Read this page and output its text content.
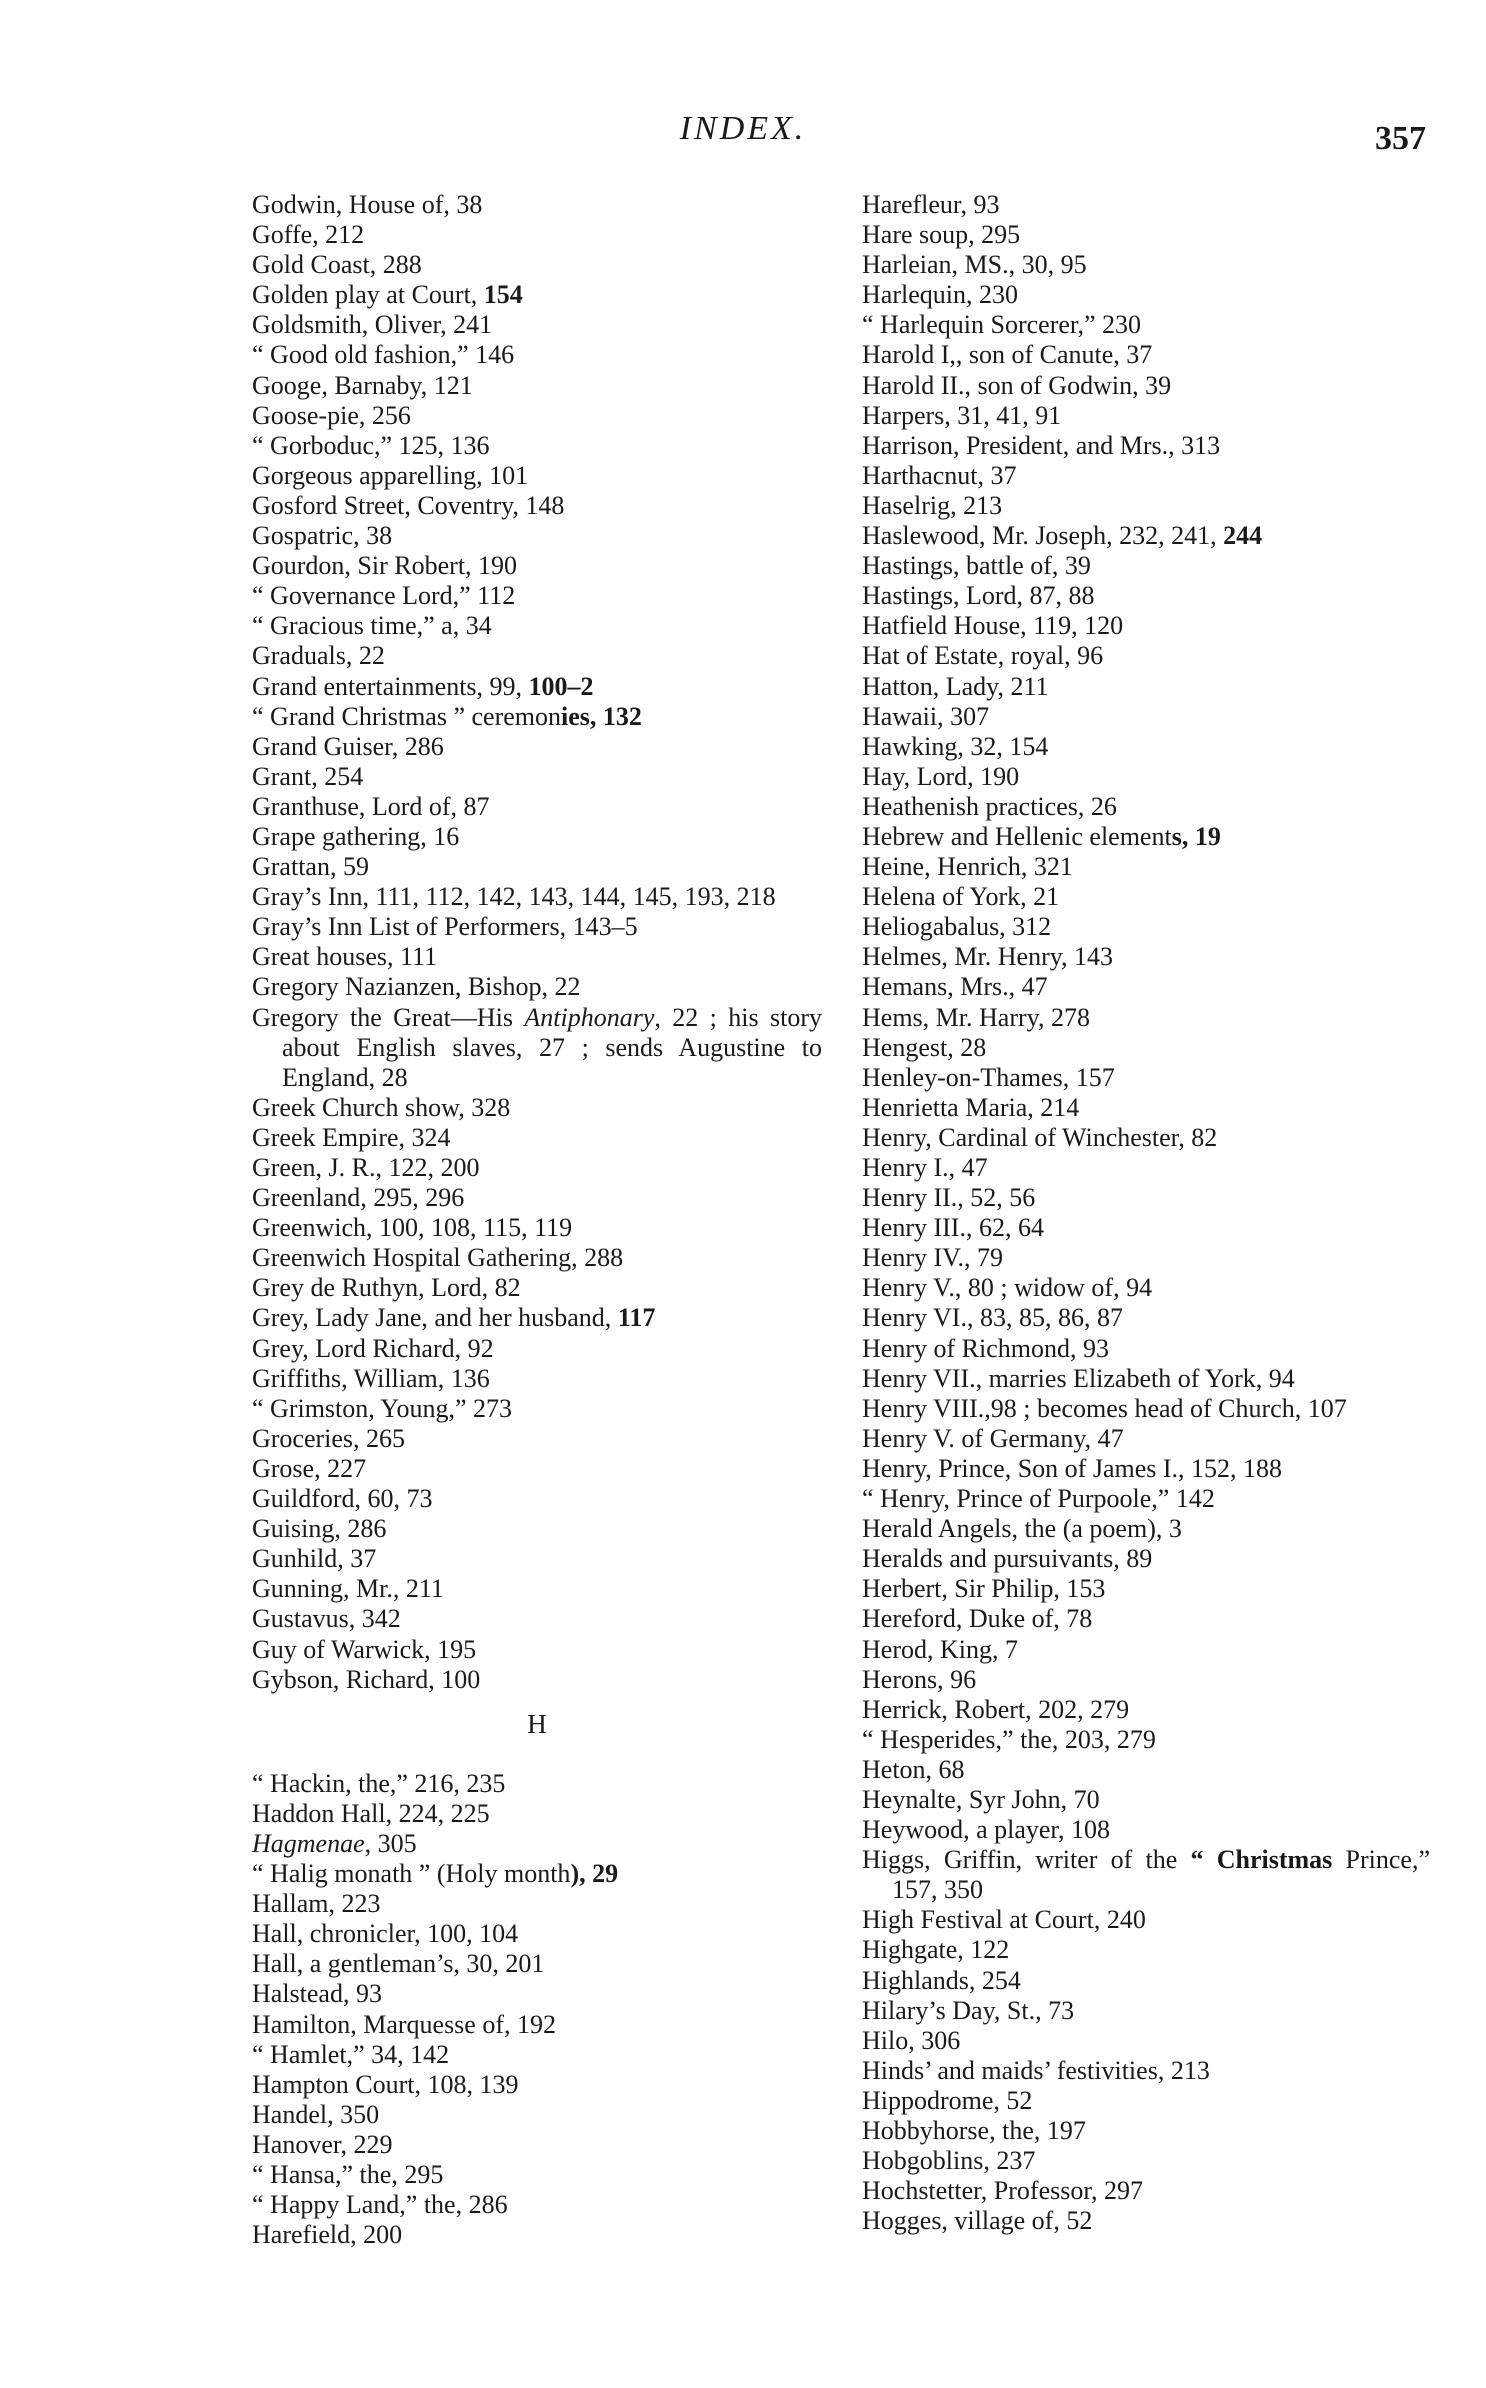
INDEX.	357
Godwin, House of, 38
Goffe, 212
Gold Coast, 288
Golden play at Court, 154
Goldsmith, Oliver, 241
“ Good old fashion,” 146
Googe, Barnaby, 121
Goose-pie, 256
“ Gorboduc,” 125, 136
Gorgeous apparelling, 101
Gosford Street, Coventry, 148
Gospatric, 38
Gourdon, Sir Robert, 190
“ Governance Lord,” 112
“ Gracious time,” a, 34
Graduals, 22
Grand entertainments, 99, 100–2
“ Grand Christmas ” ceremonies, 132
Grand Guiser, 286
Grant, 254
Granthuse, Lord of, 87
Grape gathering, 16
Grattan, 59
Gray’s Inn, 111, 112, 142, 143, 144, 145, 193, 218
Gray’s Inn List of Performers, 143–5
Great houses, 111
Gregory Nazianzen, Bishop, 22
Gregory the Great—His Antiphonary, 22 ; his story about English slaves, 27 ; sends Augustine to England, 28
Greek Church show, 328
Greek Empire, 324
Green, J. R., 122, 200
Greenland, 295, 296
Greenwich, 100, 108, 115, 119
Greenwich Hospital Gathering, 288
Grey de Ruthyn, Lord, 82
Grey, Lady Jane, and her husband, 117
Grey, Lord Richard, 92
Griffiths, William, 136
“ Grimston, Young,” 273
Groceries, 265
Grose, 227
Guildford, 60, 73
Guising, 286
Gunhild, 37
Gunning, Mr., 211
Gustavus, 342
Guy of Warwick, 195
Gybson, Richard, 100
H
“ Hackin, the,” 216, 235
Haddon Hall, 224, 225
Hagmenae, 305
“ Halig monath ” (Holy month), 29
Hallam, 223
Hall, chronicler, 100, 104
Hall, a gentleman’s, 30, 201
Halstead, 93
Hamilton, Marquesse of, 192
“ Hamlet,” 34, 142
Hampton Court, 108, 139
Handel, 350
Hanover, 229
“ Hansa,” the, 295
“ Happy Land,” the, 286
Harefield, 200
Harefleur, 93
Hare soup, 295
Harleian, MS., 30, 95
Harlequin, 230
“ Harlequin Sorcerer,” 230
Harold I,, son of Canute, 37
Harold II., son of Godwin, 39
Harpers, 31, 41, 91
Harrison, President, and Mrs., 313
Harthacnut, 37
Haselrig, 213
Haslewood, Mr. Joseph, 232, 241, 244
Hastings, battle of, 39
Hastings, Lord, 87, 88
Hatfield House, 119, 120
Hat of Estate, royal, 96
Hatton, Lady, 211
Hawaii, 307
Hawking, 32, 154
Hay, Lord, 190
Heathenish practices, 26
Hebrew and Hellenic elements, 19
Heine, Henrich, 321
Helena of York, 21
Heliogabalus, 312
Helmes, Mr. Henry, 143
Hemans, Mrs., 47
Hems, Mr. Harry, 278
Hengest, 28
Henley-on-Thames, 157
Henrietta Maria, 214
Henry, Cardinal of Winchester, 82
Henry I., 47
Henry II., 52, 56
Henry III., 62, 64
Henry IV., 79
Henry V., 80 ; widow of, 94
Henry VI., 83, 85, 86, 87
Henry of Richmond, 93
Henry VII., marries Elizabeth of York, 94
Henry VIII.,98 ; becomes head of Church, 107
Henry V. of Germany, 47
Henry, Prince, Son of James I., 152, 188
“ Henry, Prince of Purpoole,” 142
Herald Angels, the (a poem), 3
Heralds and pursuivants, 89
Herbert, Sir Philip, 153
Hereford, Duke of, 78
Herod, King, 7
Herons, 96
Herrick, Robert, 202, 279
“ Hesperides,” the, 203, 279
Heton, 68
Heynalte, Syr John, 70
Heywood, a player, 108
Higgs, Griffin, writer of the “ Christmas Prince,” 157, 350
High Festival at Court, 240
Highgate, 122
Highlands, 254
Hilary’s Day, St., 73
Hilo, 306
Hinds’ and maids’ festivities, 213
Hippodrome, 52
Hobbyhorse, the, 197
Hobgoblins, 237
Hochstetter, Professor, 297
Hogges, village of, 52
